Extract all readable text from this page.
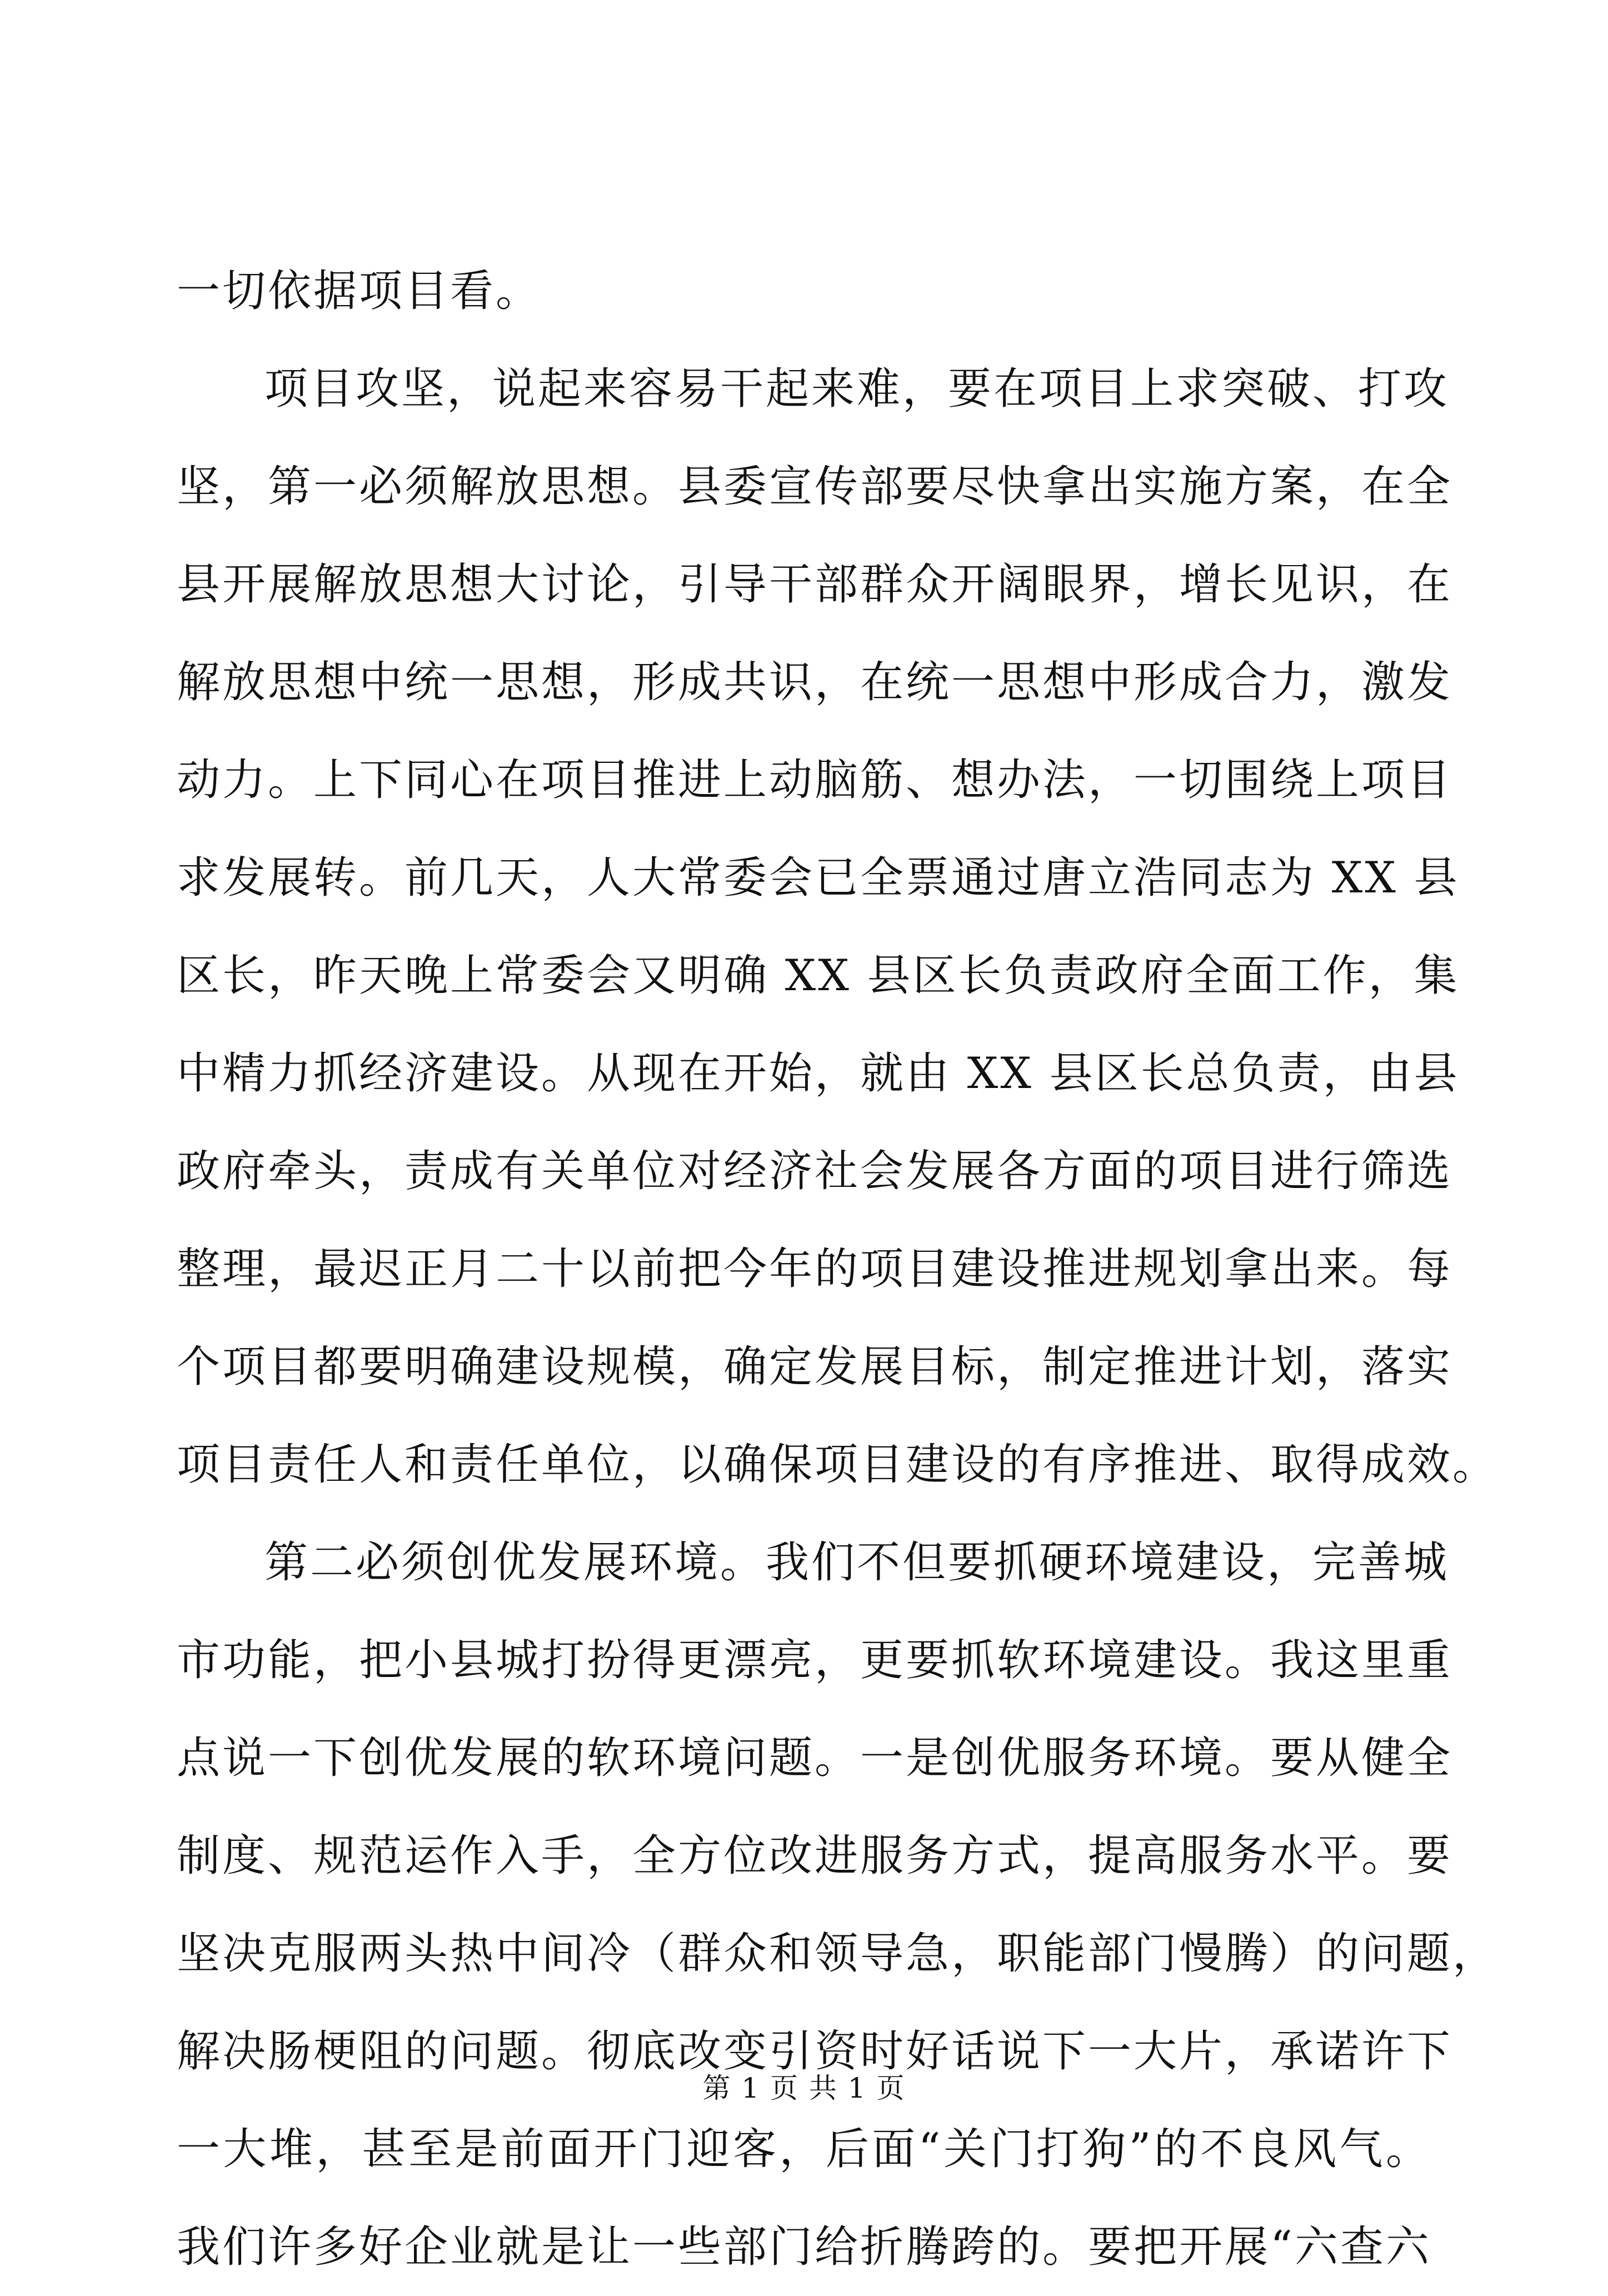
一切依据项目看。
项目攻坚，说起来容易干起来难，要在项目上求突破、打攻
坚，第一必须解放思想。县委宣传部要尽快拿出实施方案，在全
县开展解放思想大讨论，引导干部群众开阔眼界，增长见识，在
解放思想中统一思想，形成共识，在统一思想中形成合力，激发
动力。上下同心在项目推进上动脑筋、想办法，一切围绕上项目
求发展转。前几天，人大常委会已全票通过唐立浩同志为 XX 县
区长，昨天晚上常委会又明确 XX 县区长负责政府全面工作，集
中精力抓经济建设。从现在开始，就由 XX 县区长总负责，由县
政府牵头，责成有关单位对经济社会发展各方面的项目进行筛选
整理，最迟正月二十以前把今年的项目建设推进规划拿出来。每
个项目都要明确建设规模，确定发展目标，制定推进计划，落实
项目责任人和责任单位，以确保项目建设的有序推进、取得成效。
第二必须创优发展环境。我们不但要抓硬环境建设，完善城
市功能，把小县城打扮得更漂亮，更要抓软环境建设。我这里重
点说一下创优发展的软环境问题。一是创优服务环境。要从健全
制度、规范运作入手，全方位改进服务方式，提高服务水平。要
坚决克服两头热中间冷（群众和领导急，职能部门慢腾）的问题，
解决肠梗阻的问题。彻底改变引资时好话说下一大片，承诺许下
一大堆，甚至是前面开门迎客，后面“关门打狗”的不良风气。
我们许多好企业就是让一些部门给折腾跨的。要把开展“六查六
第 1 页 共 1 页
